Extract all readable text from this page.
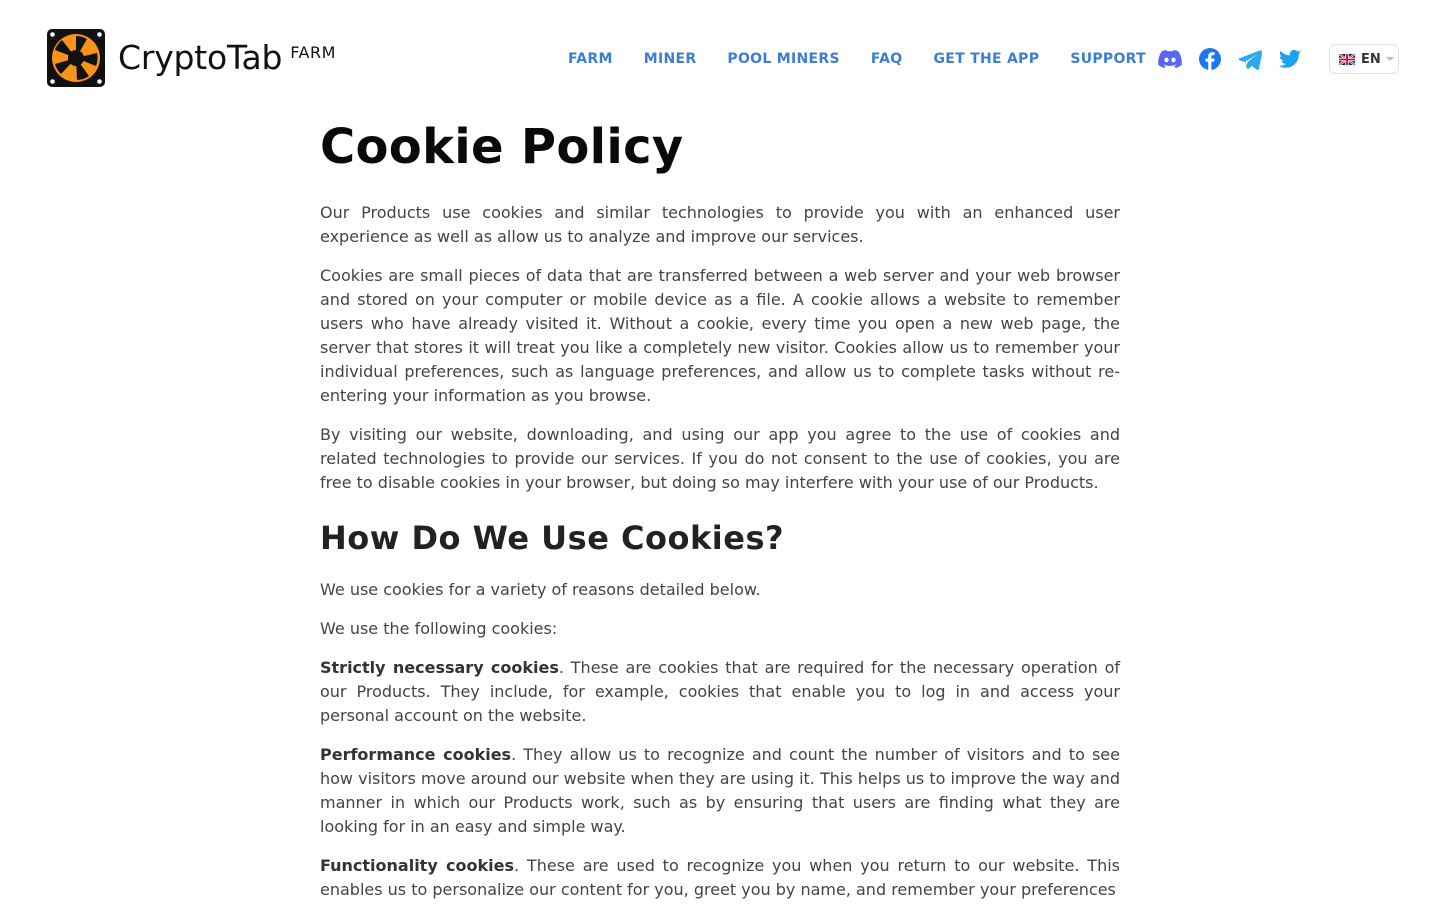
CryptoTab FARM	FARM MINER POOL MINERS FAQ GET THE APP SUPPORT	EN
Cookie Policy

Our Products use cookies and similar technologies to provide you with an enhanced user experience as well as allow us to analyze and improve our services.

Cookies are small pieces of data that are transferred between a web server and your web browser and stored on your computer or mobile device as a file. A cookie allows a website to remember users who have already visited it. Without a cookie, every time you open a new web page, the server that stores it will treat you like a completely new visitor. Cookies allow us to remember your individual preferences, such as language preferences, and allow us to complete tasks without re-entering your information as you browse.

By visiting our website, downloading, and using our app you agree to the use of cookies and related technologies to provide our services. If you do not consent to the use of cookies, you are free to disable cookies in your browser, but doing so may interfere with your use of our Products.

How Do We Use Cookies?

We use cookies for a variety of reasons detailed below.

We use the following cookies:

Strictly necessary cookies. These are cookies that are required for the necessary operation of our Products. They include, for example, cookies that enable you to log in and access your personal account on the website.

Performance cookies. They allow us to recognize and count the number of visitors and to see how visitors move around our website when they are using it. This helps us to improve the way and manner in which our Products work, such as by ensuring that users are finding what they are looking for in an easy and simple way.

Functionality cookies. These are used to recognize you when you return to our website. This enables us to personalize our content for you, greet you by name, and remember your preferences
